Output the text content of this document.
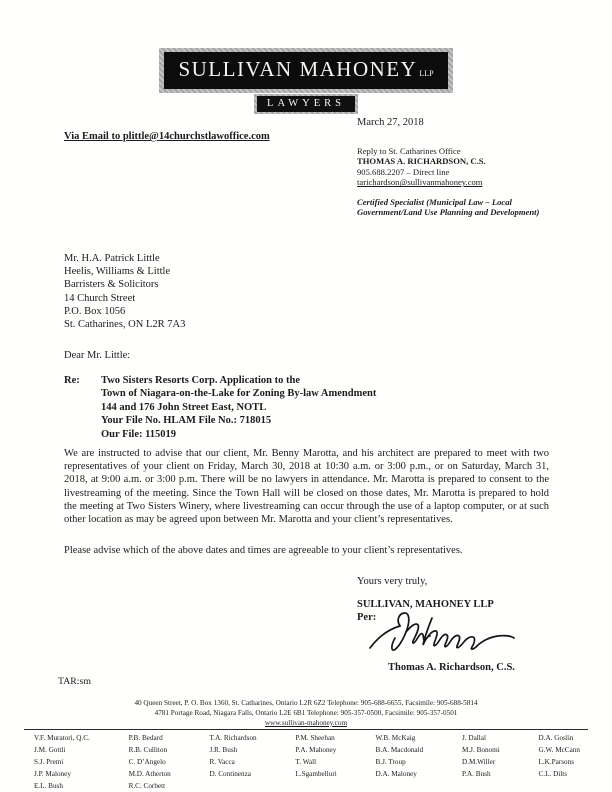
SULLIVAN MAHONEY LLP

LAWYERS
March 27, 2018
Via Email to plittle@14churchstlawoffice.com
Reply to St. Catharines Office
THOMAS A. RICHARDSON, C.S.
905.688.2207 – Direct line
tarichardson@sullivanmahoney.com
Certified Specialist (Municipal Law – Local
Government/Land Use Planning and Development)
Mr. H.A. Patrick Little
Heelis, Williams & Little
Barristers & Solicitors
14 Church Street
P.O. Box 1056
St. Catharines, ON L2R 7A3
Dear Mr. Little:
Re: Two Sisters Resorts Corp. Application to the
Town of Niagara-on-the-Lake for Zoning By-law Amendment
144 and 176 John Street East, NOTL
Your File No. HLAM File No.: 718015
Our File: 115019
We are instructed to advise that our client, Mr. Benny Marotta, and his architect are prepared to meet with two representatives of your client on Friday, March 30, 2018 at 10:30 a.m. or 3:00 p.m., or on Saturday, March 31, 2018, at 9:00 a.m. or 3:00 p.m. There will be no lawyers in attendance. Mr. Marotta is prepared to consent to the livestreaming of the meeting. Since the Town Hall will be closed on those dates, Mr. Marotta is prepared to hold the meeting at Two Sisters Winery, where livestreaming can occur through the use of a laptop computer, or at such other location as may be agreed upon between Mr. Marotta and your client’s representatives.
Please advise which of the above dates and times are agreeable to your client’s representatives.
Yours very truly,
SULLIVAN, MAHONEY LLP
Per:
Thomas A. Richardson, C.S.
TAR:sm
40 Queen Street, P. O. Box 1360, St. Catharines, Ontario L2R 6Z2 Telephone: 905-688-6655, Facsimile: 905-688-5814
4781 Portage Road, Niagara Falls, Ontario L2E 6B1 Telephone: 905-357-0500, Facsimile: 905-357-0501
www.sullivan-mahoney.com
V.F. Muratori, Q.C.
J.M. Gottli
S.J. Premi
J.P. Maloney
E.L. Bush
P.B. Bedard
R.B. Culliton
C. D’Angelo
M.D. Atherton
R.C. Corbett
T.A. Richardson
J.R. Bush
R. Vacca
D. Continenza
P.M. Sheehan
P.A. Mahoney
T. Wall
L.Sgambelluri
W.B. McKaig
B.A. Macdonald
B.J. Troup
D.A. Maloney
J. Dallal
M.J. Bonomi
D.M.Willer
P.A. Bush
D.A. Goslin
G.W. McCann
L.K.Parsons
C.L. Dilts
